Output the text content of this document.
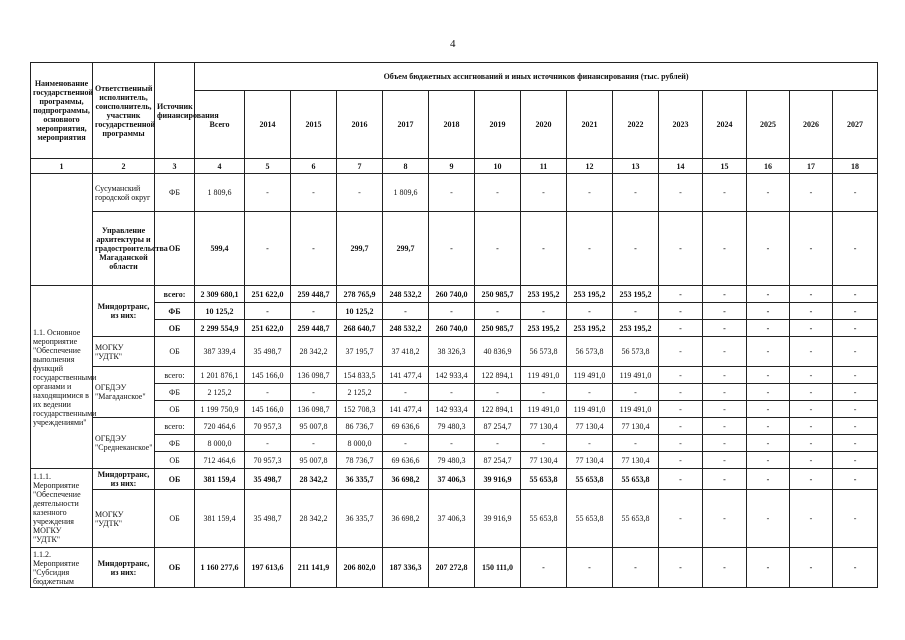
4
Наименование государственной программы, подпрограммы, основного мероприятия, мероприятия	Ответственный исполнитель, соисполнитель, участник государственной программы	Источник финансирования	Объем бюджетных ассигнований и иных источников финансирования (тыс. рублей)														
			Всего	2014	2015	2016	2017	2018	2019	2020	2021	2022	2023	2024	2025	2026	2027
1	2	3	4	5	6	7	8	9	10	11	12	13	14	15	16	17	18
	Сусуманский городской округ	ФБ	1 809,6	-	-	-	1 809,6	-	-	-	-	-	-	-	-	-	-
	Управление архитектуры и градостроительства Магаданской области	ОБ	599,4	-	-	299,7	299,7	-	-	-	-	-	-	-	-	-	-
1.1. Основное мероприятие "Обеспечение выполнения функций государственными органами и находящимися в их ведении государственными учреждениями"	Миндортранс, из них:	всего:	2 309 680,1	251 622,0	259 448,7	278 765,9	248 532,2	260 740,0	250 985,7	253 195,2	253 195,2	253 195,2	-	-	-	-	-
		ФБ	10 125,2	-	-	10 125,2	-	-	-	-	-	-	-	-	-	-	-
		ОБ	2 299 554,9	251 622,0	259 448,7	268 640,7	248 532,2	260 740,0	250 985,7	253 195,2	253 195,2	253 195,2	-	-	-	-	-
	МОГКУ "УДТК"	ОБ	387 339,4	35 498,7	28 342,2	37 195,7	37 418,2	38 326,3	40 836,9	56 573,8	56 573,8	56 573,8	-	-	-	-	-
	ОГБДЭУ "Магаданское"	всего:	1 201 876,1	145 166,0	136 098,7	154 833,5	141 477,4	142 933,4	122 894,1	119 491,0	119 491,0	119 491,0	-	-	-	-	-
		ФБ	2 125,2	-	-	2 125,2	-	-	-	-	-	-	-	-	-	-	-
		ОБ	1 199 750,9	145 166,0	136 098,7	152 708,3	141 477,4	142 933,4	122 894,1	119 491,0	119 491,0	119 491,0	-	-	-	-	-
	ОГБДЭУ "Среднеканское"	всего:	720 464,6	70 957,3	95 007,8	86 736,7	69 636,6	79 480,3	87 254,7	77 130,4	77 130,4	77 130,4	-	-	-	-	-
		ФБ	8 000,0	-	-	8 000,0	-	-	-	-	-	-	-	-	-	-	-
		ОБ	712 464,6	70 957,3	95 007,8	78 736,7	69 636,6	79 480,3	87 254,7	77 130,4	77 130,4	77 130,4	-	-	-	-	-
1.1.1. Мероприятие "Обеспечение деятельности казенного учреждения МОГКУ "УДТК"	Миндортранс, из них:	ОБ	381 159,4	35 498,7	28 342,2	36 335,7	36 698,2	37 406,3	39 916,9	55 653,8	55 653,8	55 653,8	-	-	-	-	-
	МОГКУ "УДТК"	ОБ	381 159,4	35 498,7	28 342,2	36 335,7	36 698,2	37 406,3	39 916,9	55 653,8	55 653,8	55 653,8	-	-	-	-	-
1.1.2. Мероприятие "Субсидия бюджетным	Миндортранс, из них:	ОБ	1 160 277,6	197 613,6	211 141,9	206 802,0	187 336,3	207 272,8	150 111,0	-	-	-	-	-	-	-	-
